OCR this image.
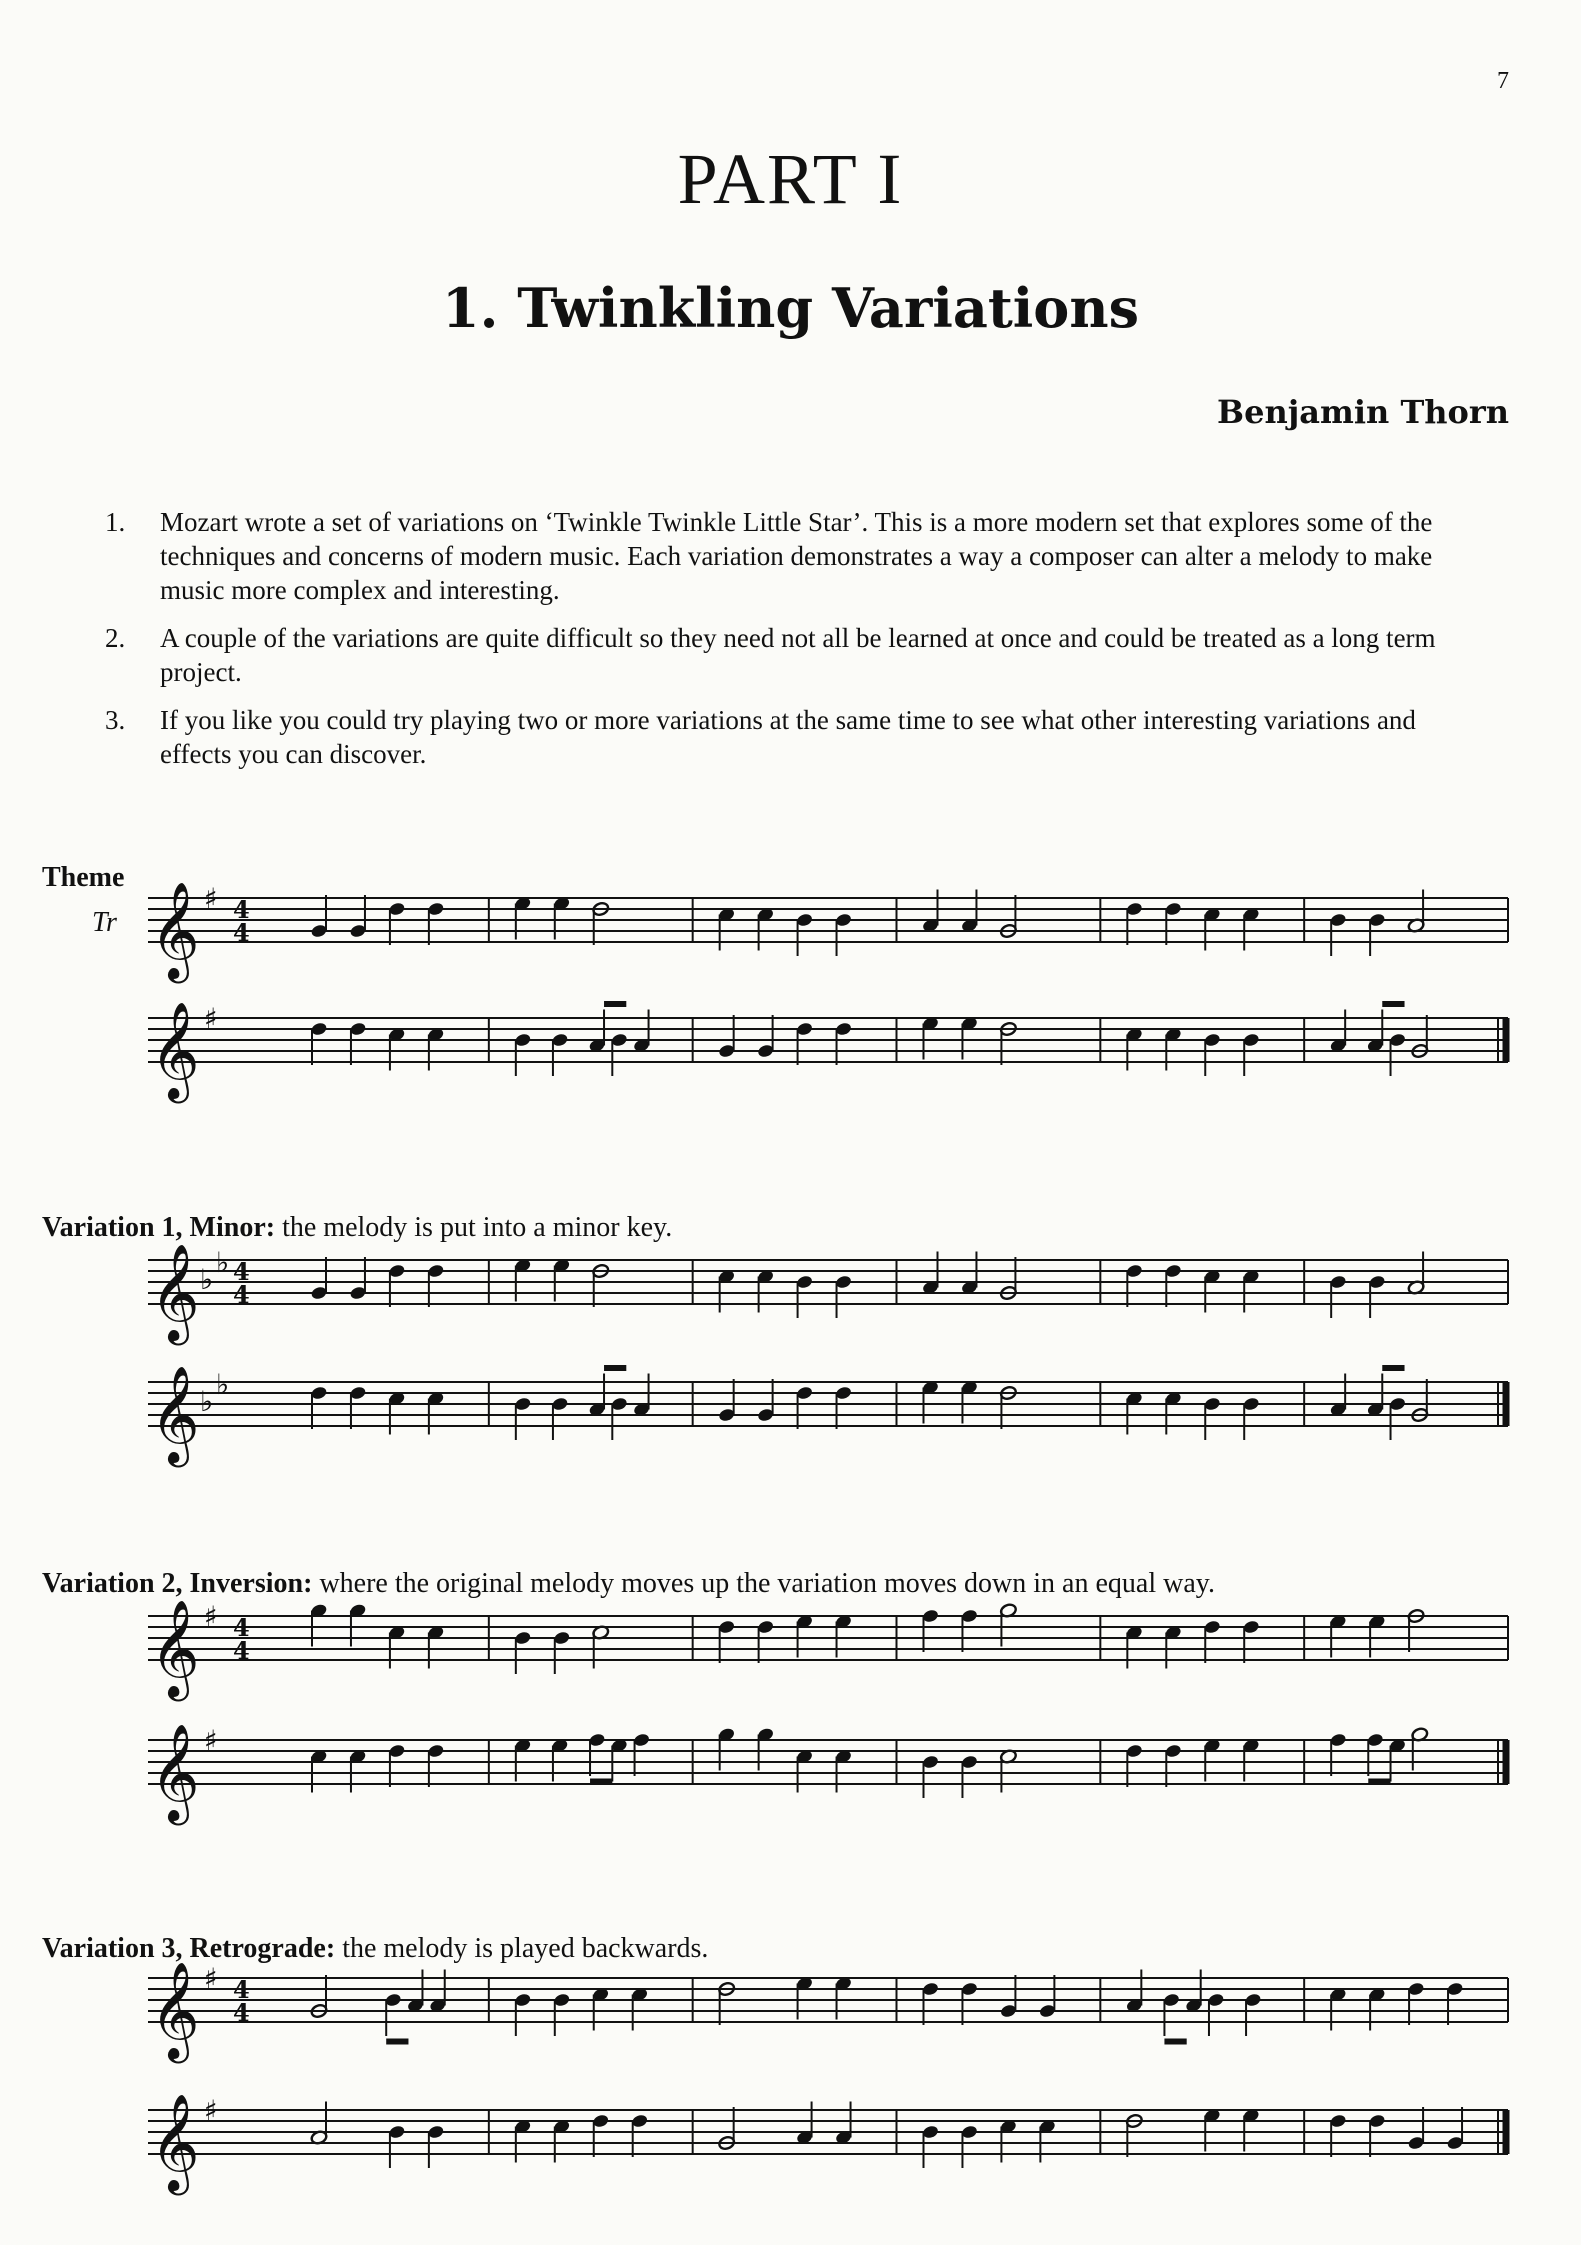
7
PART I
1. Twinkling Variations
Benjamin Thorn
1. Mozart wrote a set of variations on ‘Twinkle Twinkle Little Star’. This is a more modern set that explores some of the techniques and concerns of modern music. Each variation demonstrates a way a composer can alter a melody to make music more complex and interesting.
2. A couple of the variations are quite difficult so they need not all be learned at once and could be treated as a long term project.
3. If you like you could try playing two or more variations at the same time to see what other interesting variations and effects you can discover.
Theme
Variation 1, Minor: the melody is put into a minor key.
Variation 2, Inversion: where the original melody moves up the variation moves down in an equal way.
Variation 3, Retrograde: the melody is played backwards.
Tr 𝄞 ♯ 4
4
𝄞 ♯
𝄞 ♭
♭ 4
4
𝄞 ♭
♭
𝄞 ♯ 4
4
𝄞 ♯
𝄞 ♯ 4
4
𝄞 ♯
